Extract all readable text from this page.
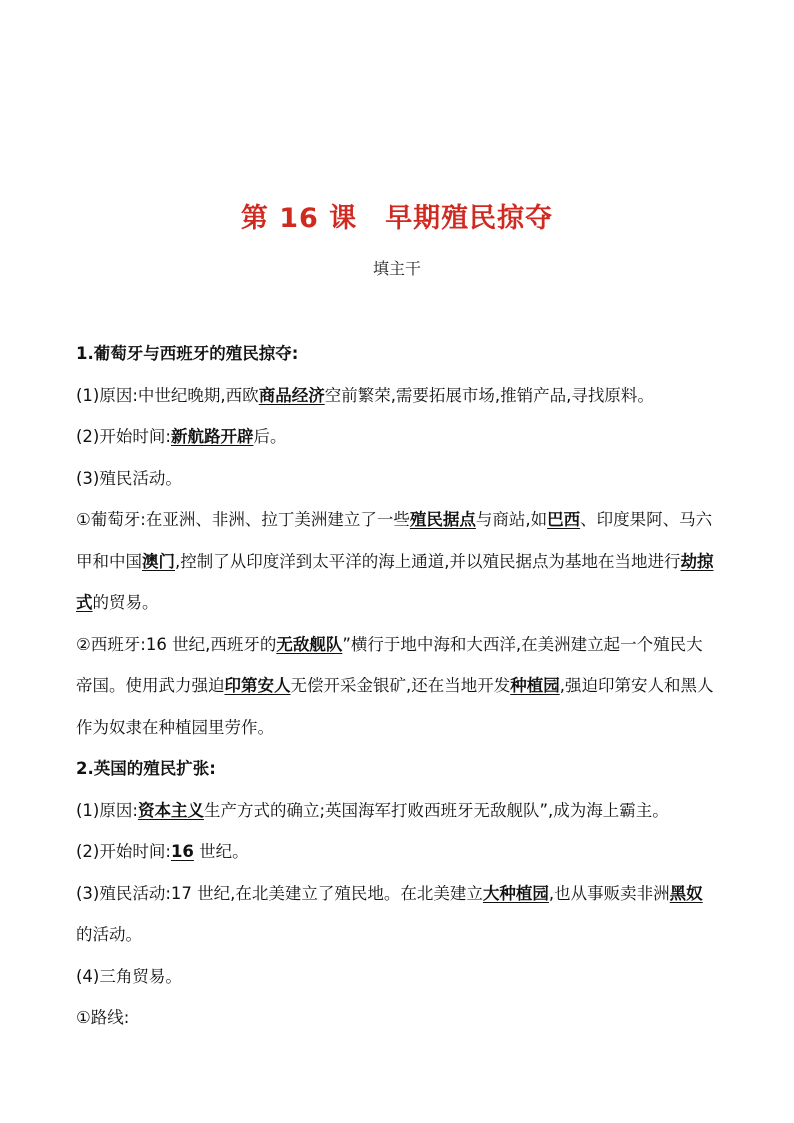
第 16 课 早期殖民掠夺
填主干

1.葡萄牙与西班牙的殖民掠夺:

(1)原因:中世纪晚期,西欧商品经济空前繁荣,需要拓展市场,推销产品,寻找原料。

(2)开始时间:新航路开辟后。

(3)殖民活动。

①葡萄牙:在亚洲、非洲、拉丁美洲建立了一些殖民据点与商站,如巴西、印度果阿、马六甲和中国澳门,控制了从印度洋到太平洋的海上通道,并以殖民据点为基地在当地进行劫掠式的贸易。

②西班牙:16 世纪,西班牙的无敌舰队”横行于地中海和大西洋,在美洲建立起一个殖民大帝国。使用武力强迫印第安人无偿开采金银矿,还在当地开发种植园,强迫印第安人和黑人作为奴隶在种植园里劳作。

2.英国的殖民扩张:

(1)原因:资本主义生产方式的确立;英国海军打败西班牙无敌舰队”,成为海上霸主。

(2)开始时间:16 世纪。

(3)殖民活动:17 世纪,在北美建立了殖民地。在北美建立大种植园,也从事贩卖非洲黑奴的活动。

(4)三角贸易。

①路线:
